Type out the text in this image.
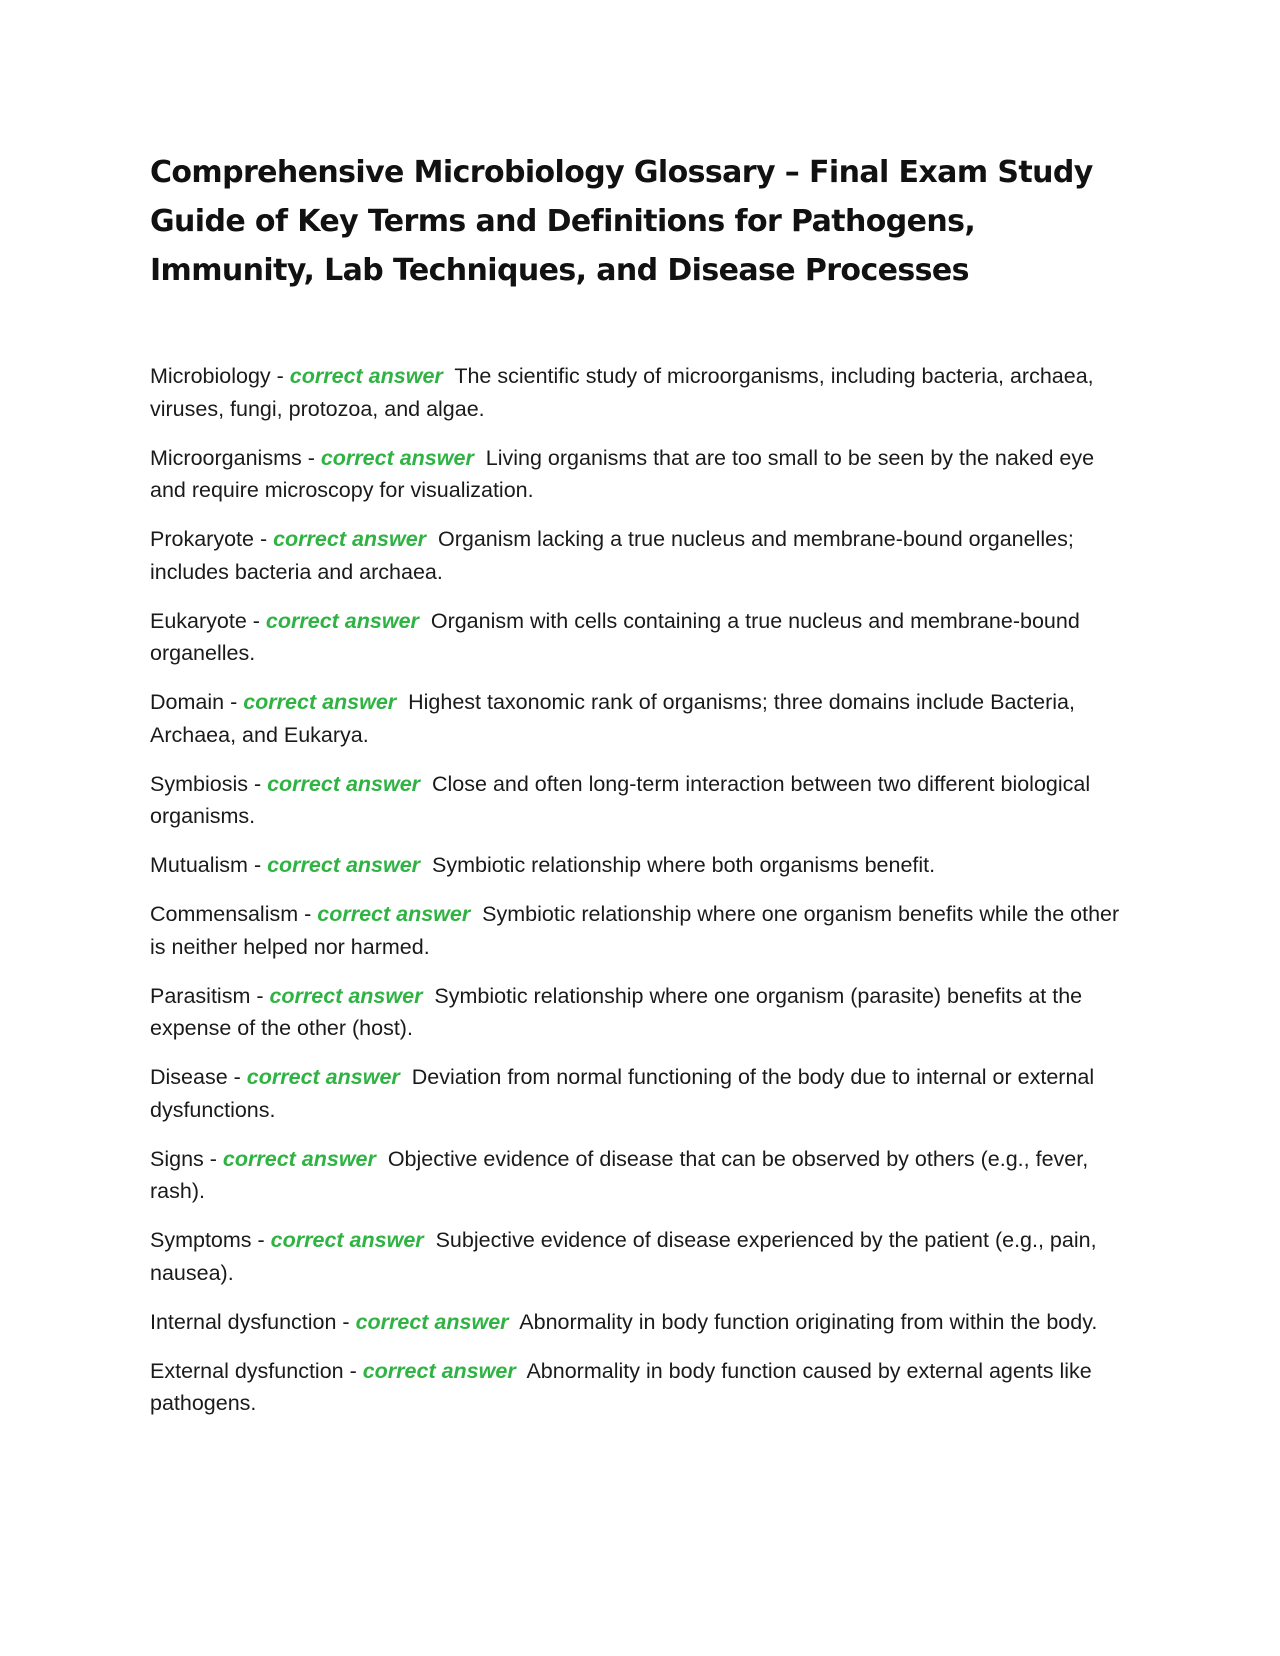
Comprehensive Microbiology Glossary – Final Exam Study Guide of Key Terms and Definitions for Pathogens, Immunity, Lab Techniques, and Disease Processes

Microbiology - correct answer The scientific study of microorganisms, including bacteria, archaea, viruses, fungi, protozoa, and algae.

Microorganisms - correct answer Living organisms that are too small to be seen by the naked eye and require microscopy for visualization.

Prokaryote - correct answer Organism lacking a true nucleus and membrane-bound organelles; includes bacteria and archaea.

Eukaryote - correct answer Organism with cells containing a true nucleus and membrane-bound organelles.

Domain - correct answer Highest taxonomic rank of organisms; three domains include Bacteria, Archaea, and Eukarya.

Symbiosis - correct answer Close and often long-term interaction between two different biological organisms.

Mutualism - correct answer Symbiotic relationship where both organisms benefit.

Commensalism - correct answer Symbiotic relationship where one organism benefits while the other is neither helped nor harmed.

Parasitism - correct answer Symbiotic relationship where one organism (parasite) benefits at the expense of the other (host).

Disease - correct answer Deviation from normal functioning of the body due to internal or external dysfunctions.

Signs - correct answer Objective evidence of disease that can be observed by others (e.g., fever, rash).

Symptoms - correct answer Subjective evidence of disease experienced by the patient (e.g., pain, nausea).

Internal dysfunction - correct answer Abnormality in body function originating from within the body.

External dysfunction - correct answer Abnormality in body function caused by external agents like pathogens.
